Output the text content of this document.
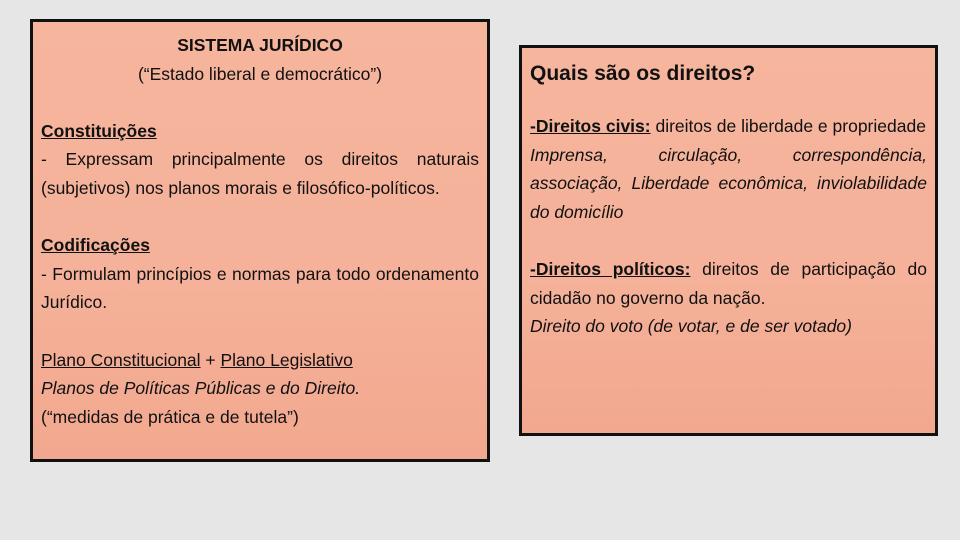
SISTEMA JURÍDICO

(“Estado liberal e democrático”)

Constituições

- Expressam principalmente os direitos naturais (subjetivos) nos planos morais e filosófico-políticos.

Codificações

- Formulam princípios e normas para todo ordenamento Jurídico.

Plano Constitucional + Plano Legislativo

Planos de Políticas Públicas e do Direito.

(“medidas de prática e de tutela”)

Quais são os direitos?

-Direitos civis: direitos de liberdade e propriedade

Imprensa, circulação, correspondência, associação, Liberdade econômica, inviolabilidade do domicílio

-Direitos políticos: direitos de participação do cidadão no governo da nação.

Direito do voto (de votar, e de ser votado)
